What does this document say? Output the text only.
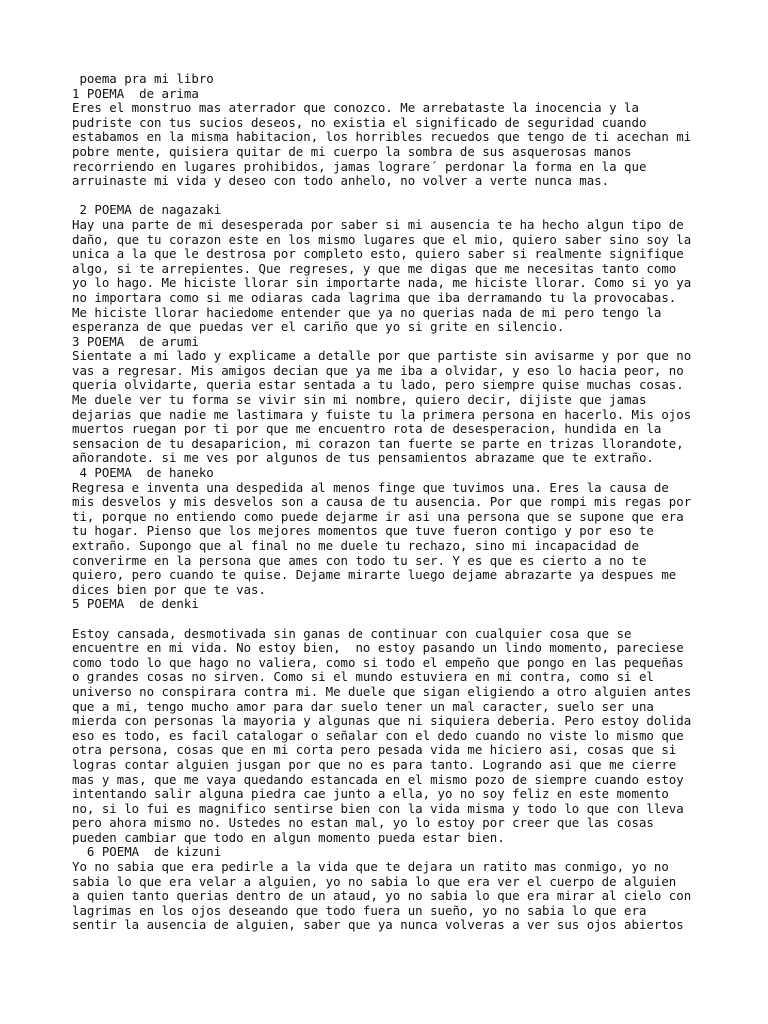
poema pra mi libro
1 POEMA  de arima
Eres el monstruo mas aterrador que conozco. Me arrebataste la inocencia y la
pudriste con tus sucios deseos, no existia el significado de seguridad cuando
estabamos en la misma habitacion, los horribles recuedos que tengo de ti acechan mi
pobre mente, quisiera quitar de mi cuerpo la sombra de sus asquerosas manos
recorriendo en lugares prohibidos, jamas lograre´ perdonar la forma en la que
arruinaste mi vida y deseo con todo anhelo, no volver a verte nunca mas.
2 POEMA de nagazaki
Hay una parte de mi desesperada por saber si mi ausencia te ha hecho algun tipo de
daño, que tu corazon este en los mismo lugares que el mio, quiero saber sino soy la
unica a la que le destrosa por completo esto, quiero saber si realmente signifique
algo, si te arrepientes. Que regreses, y que me digas que me necesitas tanto como
yo lo hago. Me hiciste llorar sin importarte nada, me hiciste llorar. Como si yo ya
no importara como si me odiaras cada lagrima que iba derramando tu la provocabas.
Me hiciste llorar haciedome entender que ya no querias nada de mi pero tengo la
esperanza de que puedas ver el cariño que yo si grite en silencio.
3 POEMA  de arumi
Sientate a mi lado y explicame a detalle por que partiste sin avisarme y por que no
vas a regresar. Mis amigos decian que ya me iba a olvidar, y eso lo hacia peor, no
queria olvidarte, queria estar sentada a tu lado, pero siempre quise muchas cosas.
Me duele ver tu forma se vivir sin mi nombre, quiero decir, dijiste que jamas
dejarias que nadie me lastimara y fuiste tu la primera persona en hacerlo. Mis ojos
muertos ruegan por ti por que me encuentro rota de desesperacion, hundida en la
sensacion de tu desaparicion, mi corazon tan fuerte se parte en trizas llorandote,
añorandote. si me ves por algunos de tus pensamientos abrazame que te extraño.
4 POEMA  de haneko
Regresa e inventa una despedida al menos finge que tuvimos una. Eres la causa de
mis desvelos y mis desvelos son a causa de tu ausencia. Por que rompi mis regas por
ti, porque no entiendo como puede dejarme ir asi una persona que se supone que era
tu hogar. Pienso que los mejores momentos que tuve fueron contigo y por eso te
extraño. Supongo que al final no me duele tu rechazo, sino mi incapacidad de
converirme en la persona que ames con todo tu ser. Y es que es cierto a no te
quiero, pero cuando te quise. Dejame mirarte luego dejame abrazarte ya despues me
dices bien por que te vas.
5 POEMA  de denki
Estoy cansada, desmotivada sin ganas de continuar con cualquier cosa que se
encuentre en mi vida. No estoy bien,  no estoy pasando un lindo momento, pareciese
como todo lo que hago no valiera, como si todo el empeño que pongo en las pequeñas
o grandes cosas no sirven. Como si el mundo estuviera en mi contra, como si el
universo no conspirara contra mi. Me duele que sigan eligiendo a otro alguien antes
que a mi, tengo mucho amor para dar suelo tener un mal caracter, suelo ser una
mierda con personas la mayoria y algunas que ni siquiera deberia. Pero estoy dolida
eso es todo, es facil catalogar o señalar con el dedo cuando no viste lo mismo que
otra persona, cosas que en mi corta pero pesada vida me hiciero asi, cosas que si
logras contar alguien jusgan por que no es para tanto. Logrando asi que me cierre
mas y mas, que me vaya quedando estancada en el mismo pozo de siempre cuando estoy
intentando salir alguna piedra cae junto a ella, yo no soy feliz en este momento
no, si lo fui es magnifico sentirse bien con la vida misma y todo lo que con lleva
pero ahora mismo no. Ustedes no estan mal, yo lo estoy por creer que las cosas
pueden cambiar que todo en algun momento pueda estar bien.
6 POEMA  de kizuni
Yo no sabia que era pedirle a la vida que te dejara un ratito mas conmigo, yo no
sabia lo que era velar a alguien, yo no sabia lo que era ver el cuerpo de alguien
a quien tanto querias dentro de un ataud, yo no sabia lo que era mirar al cielo con
lagrimas en los ojos deseando que todo fuera un sueño, yo no sabia lo que era
sentir la ausencia de alguien, saber que ya nunca volveras a ver sus ojos abiertos
